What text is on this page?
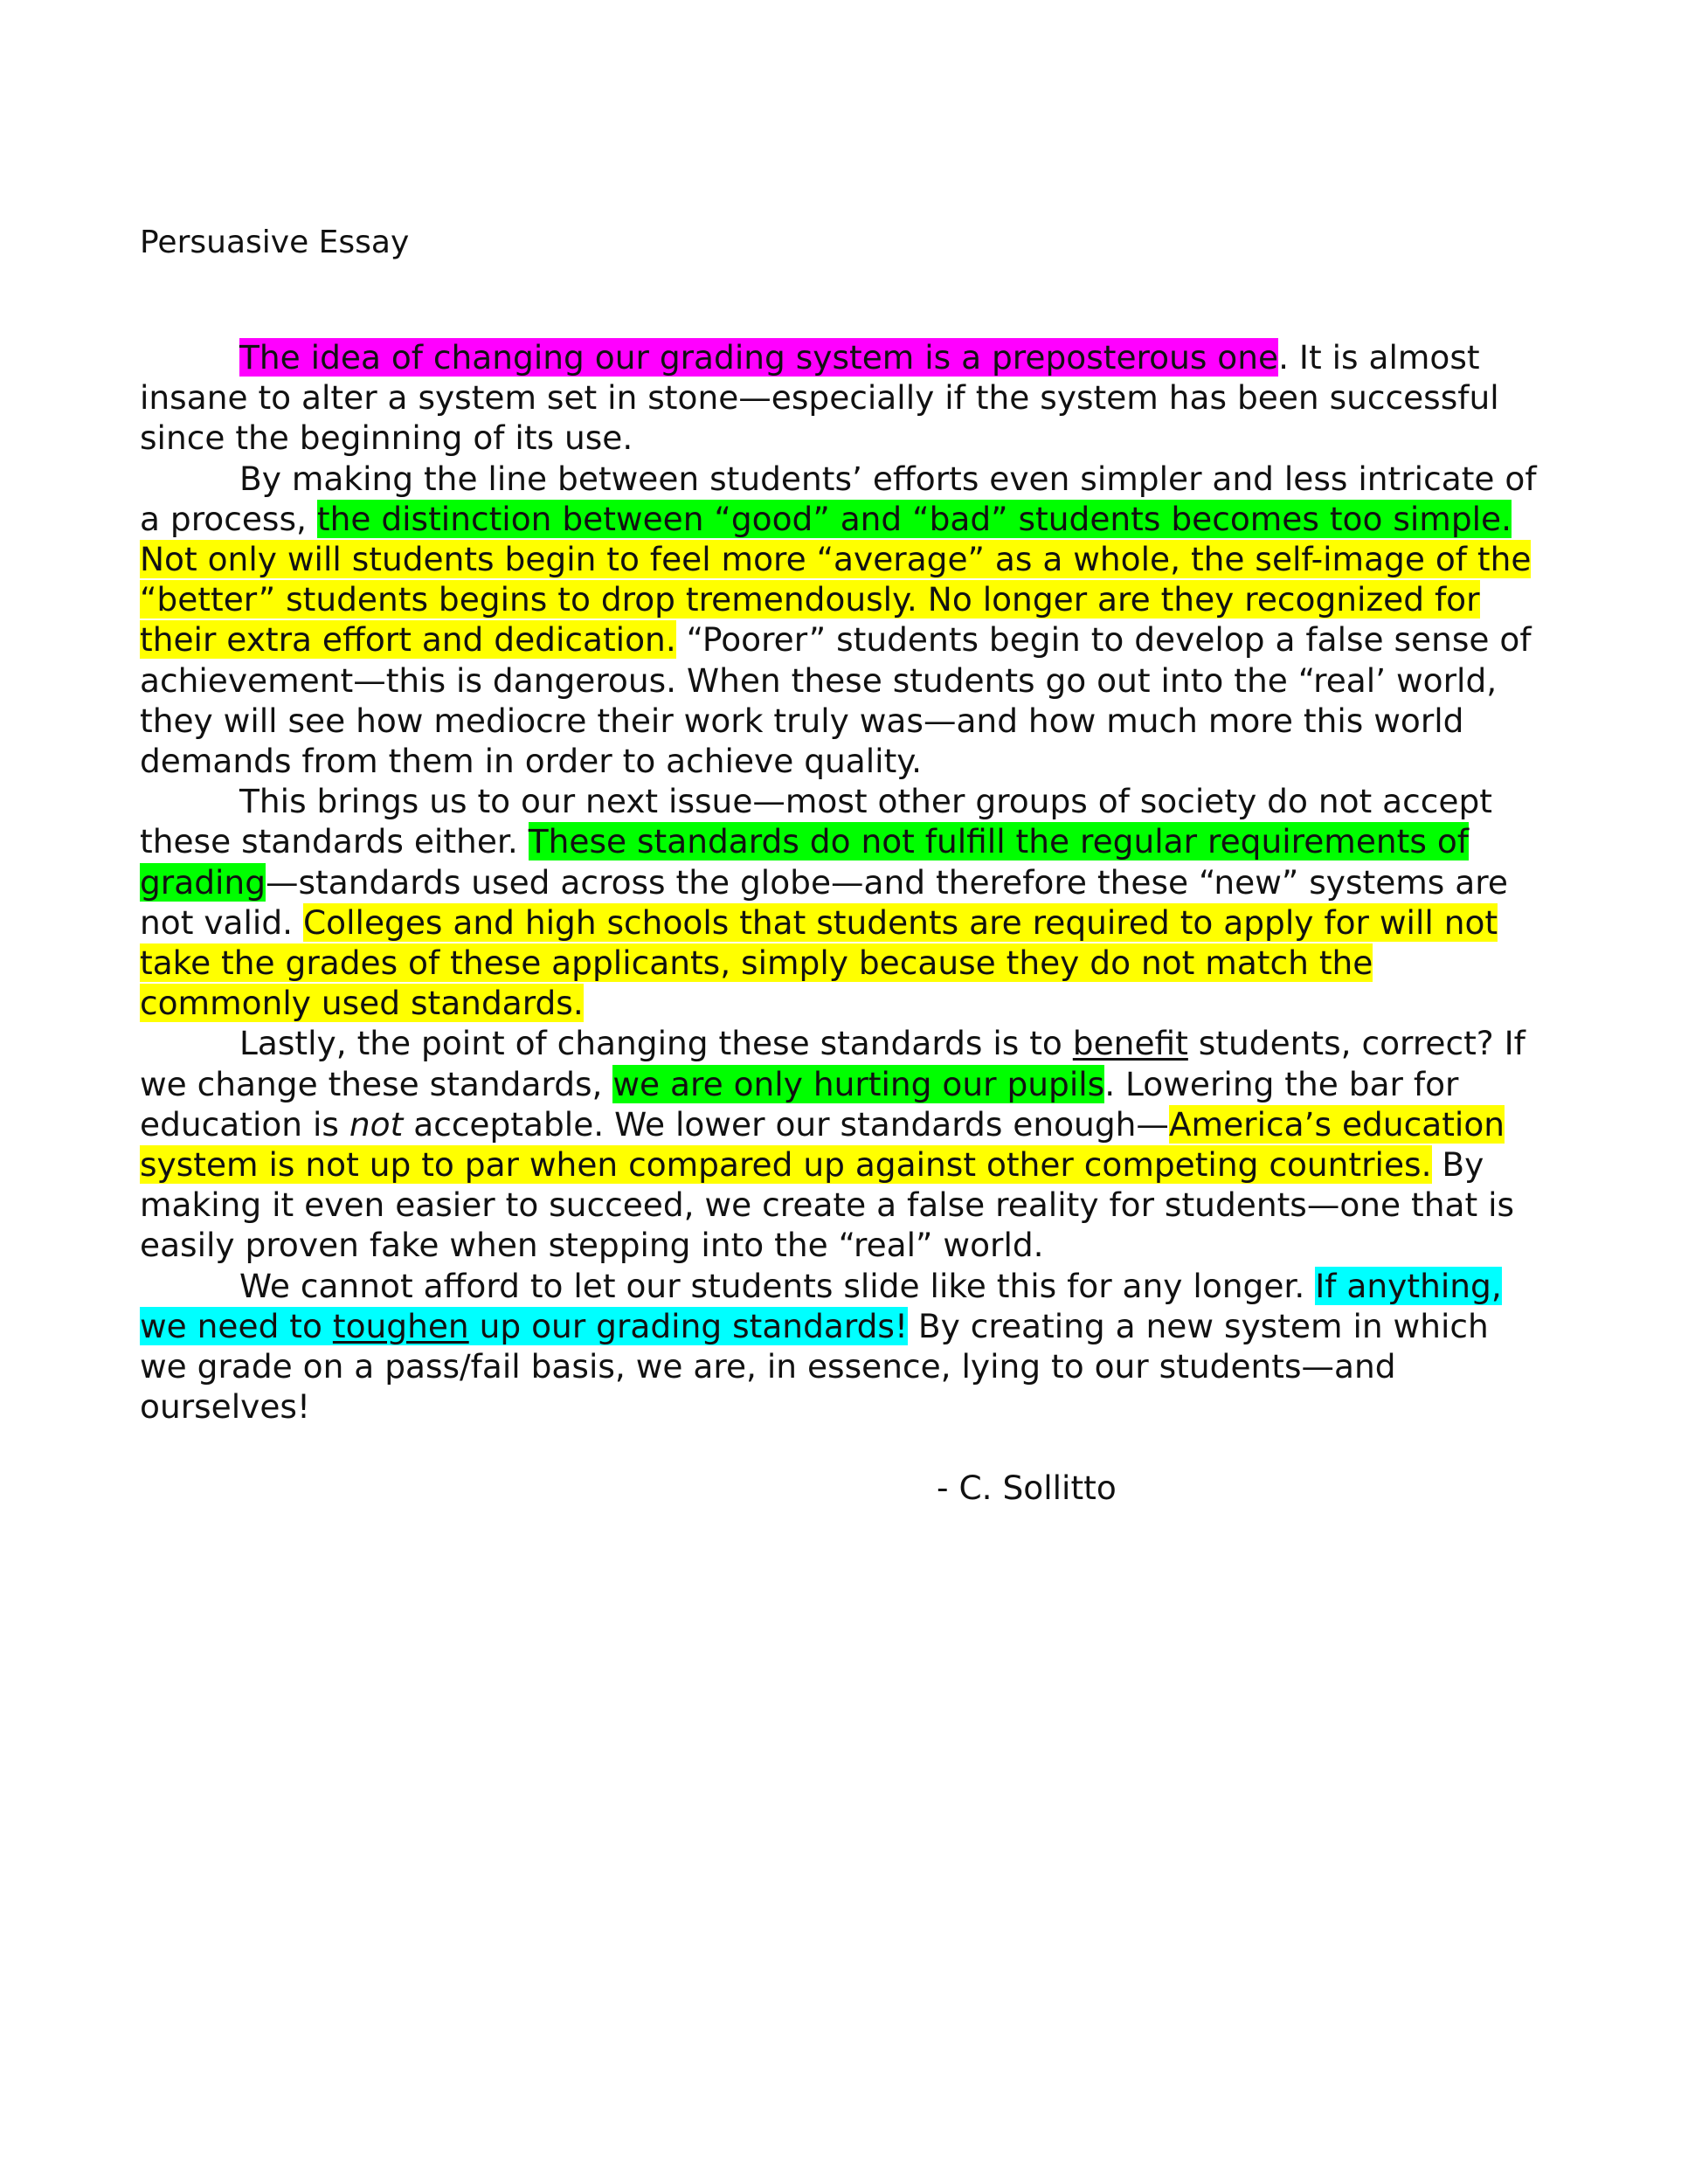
Persuasive Essay

The idea of changing our grading system is a preposterous one. It is almost insane to alter a system set in stone—especially if the system has been successful since the beginning of its use.

By making the line between students’ efforts even simpler and less intricate of a process, the distinction between “good” and “bad” students becomes too simple. Not only will students begin to feel more “average” as a whole, the self-image of the “better” students begins to drop tremendously. No longer are they recognized for their extra effort and dedication. “Poorer” students begin to develop a false sense of achievement—this is dangerous. When these students go out into the “real’ world, they will see how mediocre their work truly was—and how much more this world demands from them in order to achieve quality.

This brings us to our next issue—most other groups of society do not accept these standards either. These standards do not fulfill the regular requirements of grading—standards used across the globe—and therefore these “new” systems are not valid. Colleges and high schools that students are required to apply for will not take the grades of these applicants, simply because they do not match the commonly used standards.

Lastly, the point of changing these standards is to benefit students, correct? If we change these standards, we are only hurting our pupils. Lowering the bar for education is not acceptable. We lower our standards enough—America’s education system is not up to par when compared up against other competing countries. By making it even easier to succeed, we create a false reality for students—one that is easily proven fake when stepping into the “real” world.

We cannot afford to let our students slide like this for any longer. If anything, we need to toughen up our grading standards! By creating a new system in which we grade on a pass/fail basis, we are, in essence, lying to our students—and ourselves!

- C. Sollitto
